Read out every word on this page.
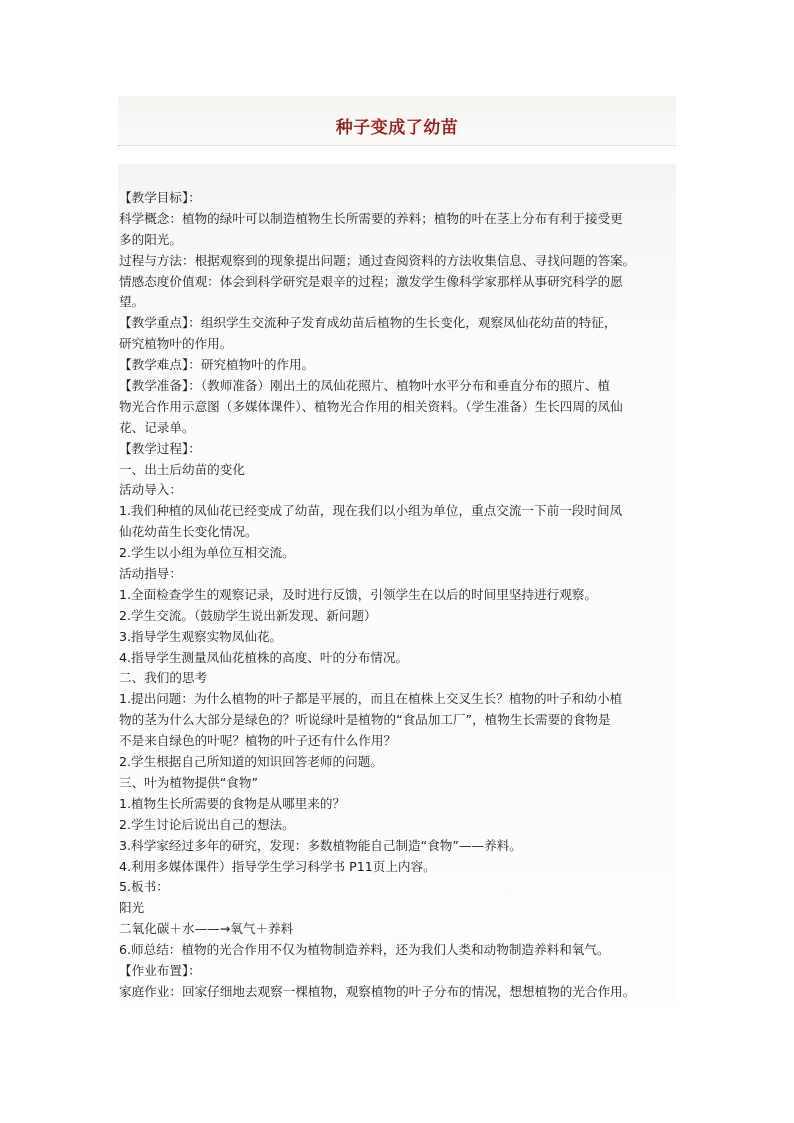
种子变成了幼苗
【教学目标】：
科学概念：植物的绿叶可以制造植物生长所需要的养料；植物的叶在茎上分布有利于接受更
多的阳光。
过程与方法：根据观察到的现象提出问题；通过查阅资料的方法收集信息、寻找问题的答案。
情感态度价值观：体会到科学研究是艰辛的过程；激发学生像科学家那样从事研究科学的愿
望。
【教学重点】：组织学生交流种子发育成幼苗后植物的生长变化，观察凤仙花幼苗的特征，
研究植物叶的作用。
【教学难点】：研究植物叶的作用。
【教学准备】：（教师准备）刚出土的凤仙花照片、植物叶水平分布和垂直分布的照片、植
物光合作用示意图（多媒体课件）、植物光合作用的相关资料。（学生准备）生长四周的凤仙
花、记录单。
【教学过程】：
一、出土后幼苗的变化
活动导入：
1.我们种植的凤仙花已经变成了幼苗，现在我们以小组为单位，重点交流一下前一段时间凤
仙花幼苗生长变化情况。
2.学生以小组为单位互相交流。
活动指导：
1.全面检查学生的观察记录，及时进行反馈，引领学生在以后的时间里坚持进行观察。
2.学生交流。（鼓励学生说出新发现、新问题）
3.指导学生观察实物凤仙花。
4.指导学生测量凤仙花植株的高度、叶的分布情况。
二、我们的思考
1.提出问题：为什么植物的叶子都是平展的，而且在植株上交叉生长？植物的叶子和幼小植
物的茎为什么大部分是绿色的？听说绿叶是植物的“食品加工厂”，植物生长需要的食物是
不是来自绿色的叶呢？植物的叶子还有什么作用？
2.学生根据自己所知道的知识回答老师的问题。
三、叶为植物提供“食物”
1.植物生长所需要的食物是从哪里来的？
2.学生讨论后说出自己的想法。
3.科学家经过多年的研究，发现：多数植物能自己制造“食物”——养料。
4.利用多媒体课件）指导学生学习科学书 P11页上内容。
5.板书：
阳光
二氧化碳＋水——→氧气＋养料
6.师总结：植物的光合作用不仅为植物制造养料，还为我们人类和动物制造养料和氧气。
【作业布置】：
家庭作业：回家仔细地去观察一棵植物，观察植物的叶子分布的情况，想想植物的光合作用。
